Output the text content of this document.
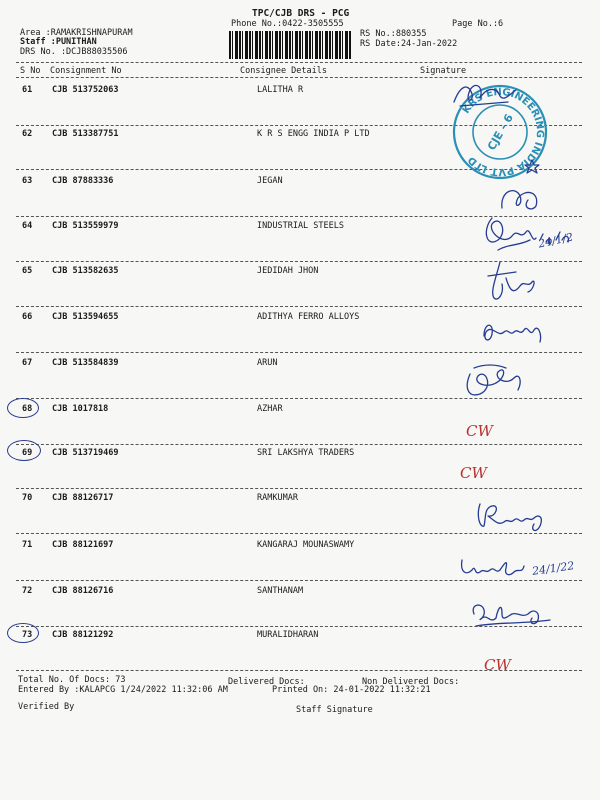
TPC/CJB DRS - PCG
Phone No.:0422-3505555	Page No.:6
Area :RAMAKRISHNAPURAM
Staff :PUNITHAN
DRS No. :DCJB88035506
RS No.:880355
RS Date:24-Jan-2022
S No Consignment No	Consignee Details	Signature
61 CJB 513752063	LALITHA R
62 CJB 513387751	K R S ENGG INDIA P LTD
63 CJB 87883336	JEGAN
64 CJB 513559979	INDUSTRIAL STEELS
65 CJB 513582635	JEDIDAH JHON
66 CJB 513594655	ADITHYA FERRO ALLOYS
67 CJB 513584839	ARUN
68 CJB 1017818	AZHAR
69 CJB 513719469	SRI LAKSHYA TRADERS
70 CJB 88126717	RAMKUMAR
71 CJB 88121697	KANGARAJ MOUNASWAMY
72 CJB 88126716	SANTHANAM
73 CJB 88121292	MURALIDHARAN
KRS ENGINEERING INDIA PVT LTD
CJE - 6
24/1/2
24/1/22
CW
CW
CW
Total No. Of Docs: 73	Delivered Docs:	Non Delivered Docs:
Entered By :KALAPCG 1/24/2022 11:32:06 AM	Printed On: 24-01-2022 11:32:21
Verified By	Staff Signature
